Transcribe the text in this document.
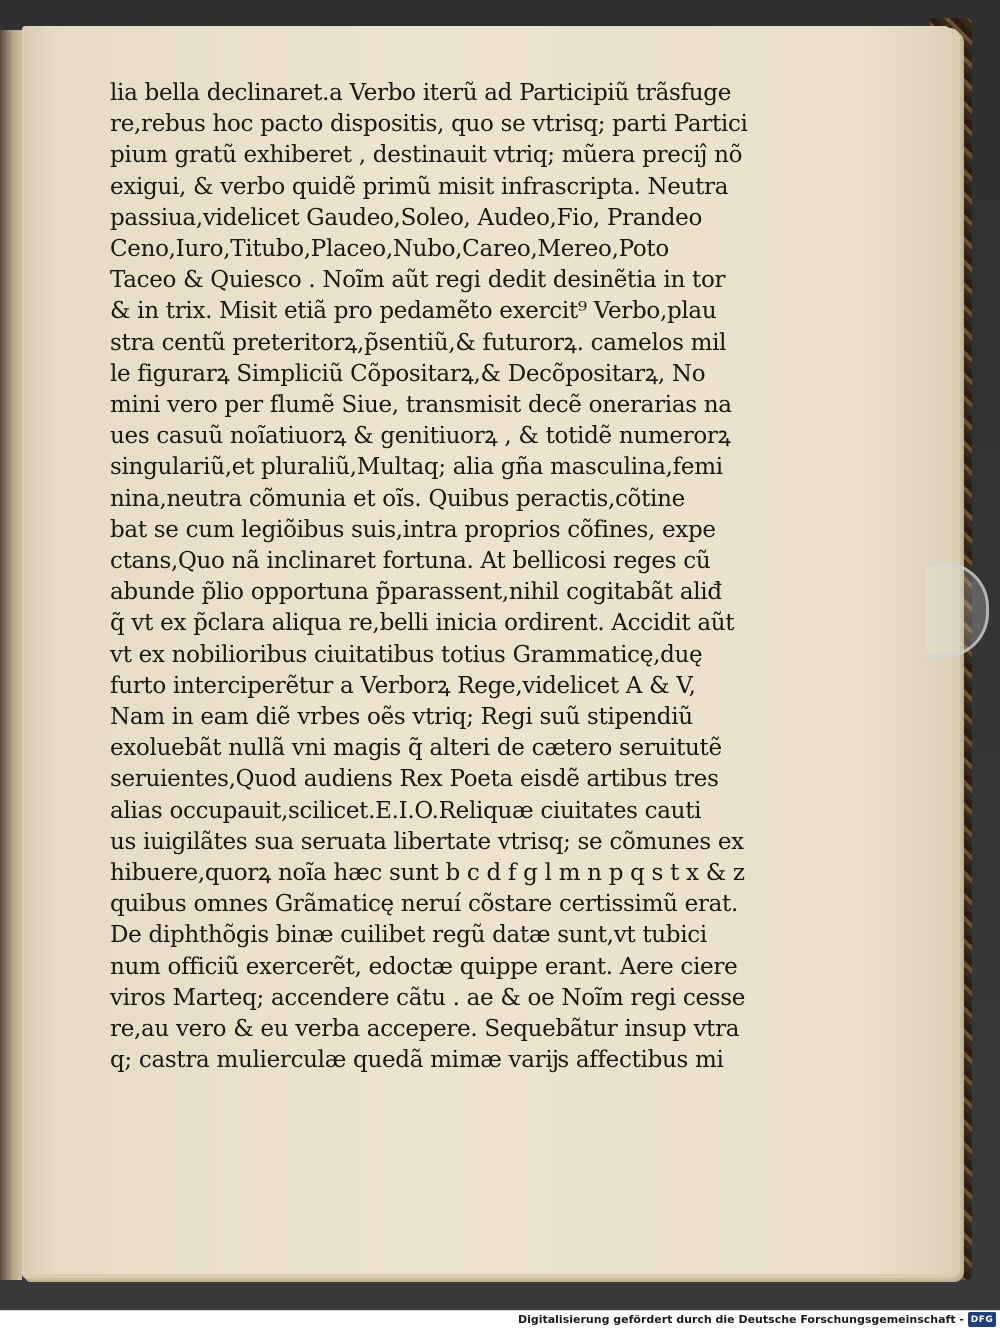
lia bella declinaret.a Verbo iterũ ad Participiũ trãsfuge
re,rebus hoc pacto dispositis, quo se vtrisq; parti Partici
pium gratũ exhiberet , destinauit vtriq; mũera preciĵ nõ
exigui, & verbo quidẽ primũ misit infrascripta. Neutra
passiua,videlicet Gaudeo,Soleo, Audeo,Fio, Prandeo
Ceno,Iuro,Titubo,Placeo,Nubo,Careo,Mereo,Poto
Taceo & Quiesco . Noĩm aũt regi dedit desinẽtia in tor
& in trix. Misit etiã pro pedamẽto exercit⁹ Verbo,plau
stra centũ preteritorꝝ,p̃sentiũ,& futurorꝝ. camelos mil
le figurarꝝ Simpliciũ Cõpositarꝝ,& Decõpositarꝝ, No
mini vero per flumẽ Siue, transmisit decẽ onerarias na
ues casuũ noĩatiuorꝝ & genitiuorꝝ , & totidẽ numerorꝝ
singulariũ,et pluraliũ,Multaq; alia gña masculina,femi
nina,neutra cõmunia et oĩs. Quibus peractis,cõtine
bat se cum legiõibus suis,intra proprios cõfines, expe
ctans,Quo nã inclinaret fortuna. At bellicosi reges cũ
abunde p̃lio opportuna p̃parassent,nihil cogitabãt aliđ
q̃ vt ex p̃clara aliqua re,belli inicia ordirent. Accidit aũt
vt ex nobilioribus ciuitatibus totius Grammaticę,duę
furto interciperẽtur a Verborꝝ Rege,videlicet A & V,
Nam in eam diẽ vrbes oẽs vtriq; Regi suũ stipendiũ
exoluebãt nullã vni magis q̃ alteri de cætero seruitutẽ
seruientes,Quod audiens Rex Poeta eisdẽ artibus tres
alias occupauit,scilicet.E.I.O.Reliquæ ciuitates cauti
us iuigilãtes sua seruata libertate vtrisq; se cõmunes ex
hibuere,quorꝝ noĩa hæc sunt b c d f g l m n p q s t x & z
quibus omnes Grãmaticę neruí cõstare certissimũ erat.
De diphthõgis binæ cuilibet regũ datæ sunt,vt tubici
num officiũ exercerẽt, edoctæ quippe erant. Aere ciere
viros Marteq; accendere cãtu . ae & oe Noĩm regi cesse
re,au vero & eu verba accepere. Sequebãtur insup vtra
q; castra mulierculæ quedã mimæ varĳs affectibus mi
Digitalisierung gefördert durch die Deutsche Forschungsgemeinschaft - DFG
